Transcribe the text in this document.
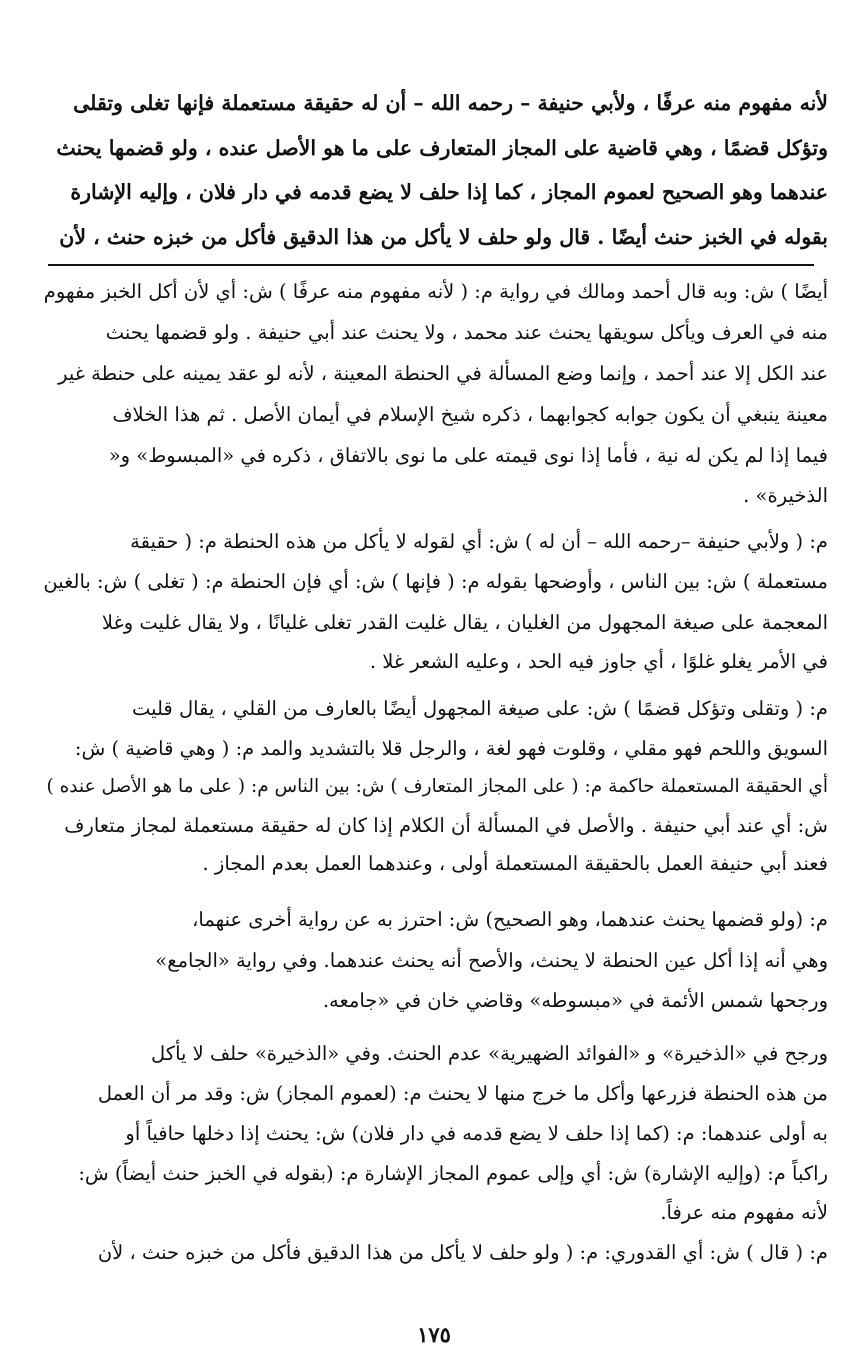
لأنه مفهوم منه عرفًا ، ولأبي حنيفة – رحمه الله – أن له حقيقة مستعملة فإنها تغلى وتقلى
وتؤكل قضمًا ، وهي قاضية على المجاز المتعارف على ما هو الأصل عنده ، ولو قضمها يحنث
عندهما وهو الصحيح لعموم المجاز ، كما إذا حلف لا يضع قدمه في دار فلان ، وإليه الإشارة
بقوله في الخبز حنث أيضًا . قال ولو حلف لا يأكل من هذا الدقيق فأكل من خبزه حنث ، لأن
أيضًا ) ش: وبه قال أحمد ومالك في رواية م: ( لأنه مفهوم منه عرفًا ) ش: أي لأن أكل الخبز مفهوم
منه في العرف ويأكل سويقها يحنث عند محمد ، ولا يحنث عند أبي حنيفة . ولو قضمها يحنث
عند الكل إلا عند أحمد ، وإنما وضع المسألة في الحنطة المعينة ، لأنه لو عقد يمينه على حنطة غير
معينة ينبغي أن يكون جوابه كجوابهما ، ذكره شيخ الإسلام في أيمان الأصل . ثم هذا الخلاف
فيما إذا لم يكن له نية ، فأما إذا نوى قيمته على ما نوى بالاتفاق ، ذكره في «المبسوط» و«
الذخيرة» .
م: ( ولأبي حنيفة –رحمه الله – أن له ) ش: أي لقوله لا يأكل من هذه الحنطة م: ( حقيقة
مستعملة ) ش: بين الناس ، وأوضحها بقوله م: ( فإنها ) ش: أي فإن الحنطة م: ( تغلى ) ش: بالغين
المعجمة على صيغة المجهول من الغليان ، يقال غليت القدر تغلى غليانًا ، ولا يقال غليت وغلا
في الأمر يغلو غلوًا ، أي جاوز فيه الحد ، وعليه الشعر غلا .
م: ( وتقلى وتؤكل قضمًا ) ش: على صيغة المجهول أيضًا بالعارف من القلي ، يقال قليت
السويق واللحم فهو مقلي ، وقلوت فهو لغة ، والرجل قلا بالتشديد والمد م: ( وهي قاضية ) ش:
أي الحقيقة المستعملة حاكمة م: ( على المجاز المتعارف ) ش: بين الناس م: ( على ما هو الأصل عنده )
ش: أي عند أبي حنيفة . والأصل في المسألة أن الكلام إذا كان له حقيقة مستعملة لمجاز متعارف
فعند أبي حنيفة العمل بالحقيقة المستعملة أولى ، وعندهما العمل بعدم المجاز .
م: (ولو قضمها يحنث عندهما، وهو الصحيح) ش: احترز به عن رواية أخرى عنهما،
وهي أنه إذا أكل عين الحنطة لا يحنث، والأصح أنه يحنث عندهما. وفي رواية «الجامع»
ورجحها شمس الأئمة في «مبسوطه» وقاضي خان في «جامعه.
ورجح في «الذخيرة» و «الفوائد الضهيرية» عدم الحنث. وفي «الذخيرة» حلف لا يأكل
من هذه الحنطة فزرعها وأكل ما خرج منها لا يحنث م: (لعموم المجاز) ش: وقد مر أن العمل
به أولى عندهما: م: (كما إذا حلف لا يضع قدمه في دار فلان) ش: يحنث إذا دخلها حافياً أو
راكباً م: (وإليه الإشارة) ش: أي وإلى عموم المجاز الإشارة م: (بقوله في الخبز حنث أيضاً) ش:
لأنه مفهوم منه عرفاً.
م: ( قال ) ش: أي القدوري: م: ( ولو حلف لا يأكل من هذا الدقيق فأكل من خبزه حنث ، لأن
١٧٥
